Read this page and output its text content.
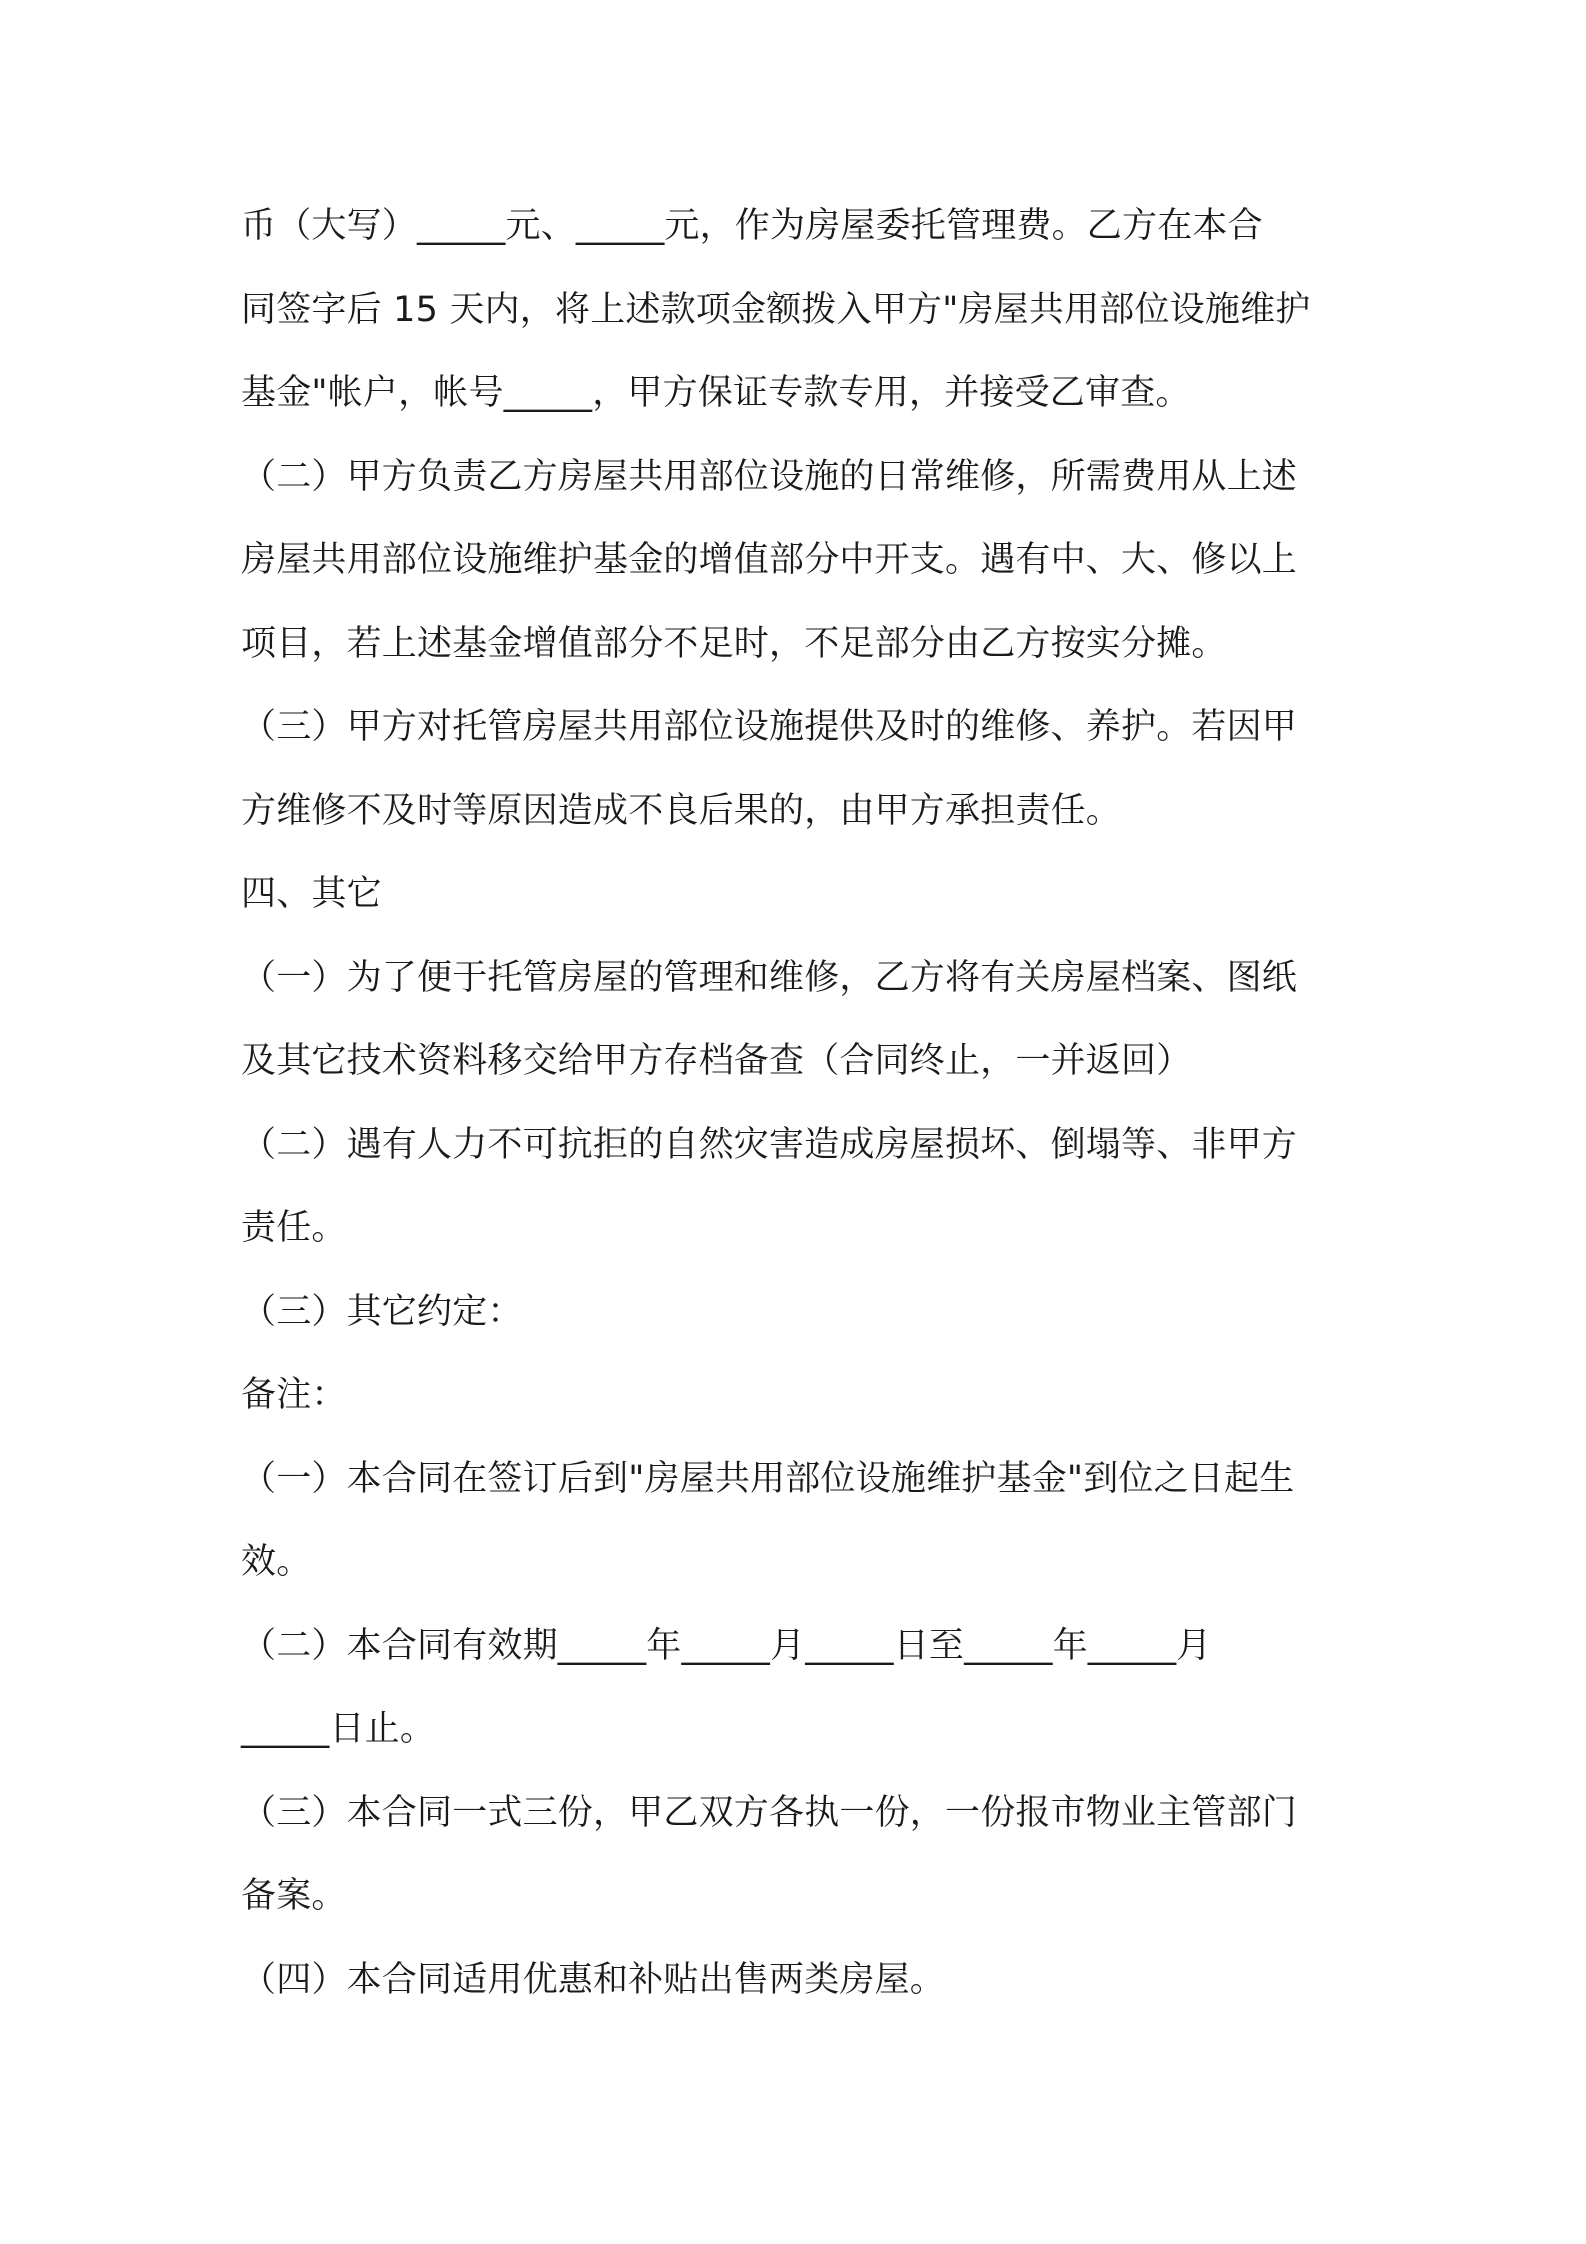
币（大写）_____元、_____元，作为房屋委托管理费。乙方在本合
同签字后 15 天内，将上述款项金额拨入甲方"房屋共用部位设施维护
基金"帐户，帐号_____，甲方保证专款专用，并接受乙审查。
（二）甲方负责乙方房屋共用部位设施的日常维修，所需费用从上述
房屋共用部位设施维护基金的增值部分中开支。遇有中、大、修以上
项目，若上述基金增值部分不足时，不足部分由乙方按实分摊。
（三）甲方对托管房屋共用部位设施提供及时的维修、养护。若因甲
方维修不及时等原因造成不良后果的，由甲方承担责任。
四、其它
（一）为了便于托管房屋的管理和维修，乙方将有关房屋档案、图纸
及其它技术资料移交给甲方存档备查（合同终止，一并返回）
（二）遇有人力不可抗拒的自然灾害造成房屋损坏、倒塌等、非甲方
责任。
（三）其它约定：
备注：
（一）本合同在签订后到"房屋共用部位设施维护基金"到位之日起生
效。
（二）本合同有效期_____年_____月_____日至_____年_____月
_____日止。
（三）本合同一式三份，甲乙双方各执一份，一份报市物业主管部门
备案。
（四）本合同适用优惠和补贴出售两类房屋。
